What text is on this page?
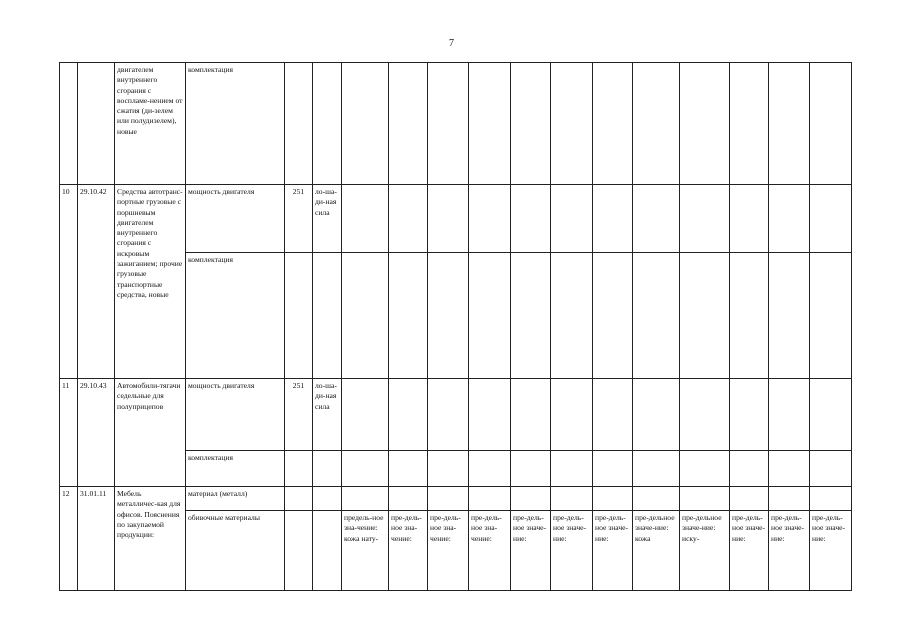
7
		двигателем внутреннего сгорания с воспламе-нением от сжатия (ди-зелем или полудизелем), новые	комплектация														
10	29.10.42	Средства автотранс-портные грузовые с поршневым двигателем внутреннего сгорания с искровым зажиганием; прочие грузовые транспортные средства, новые	мощность двигателя	251	ло-ша-ди-ная сила												
			комплектация														
11	29.10.43	Автомобили-тягачи седельные для полуприцепов	мощность двигателя	251	ло-ша-ди-ная сила												
			комплектация														
12	31.01.11	Мебель металличес-кая для офисов. Пояснения по закупаемой продукции:	материал (металл)														
			обивочные материалы			предель-ное зна-чение: кожа нату-	пре-дель-ное зна-чение:	пре-дель-ное зна-чение:	пре-дель-ное зна-чение:	пре-дель-ное значе-ние:	пре-дель-ное значе-ние:	пре-дель-ное значе-ние:	пре-дельное значе-ние: кожа	пре-дельное значе-ние: иску-	пре-дель-ное значе-ние:	пре-дель-ное значе-ние:	пре-дель-ное значе-ние:
